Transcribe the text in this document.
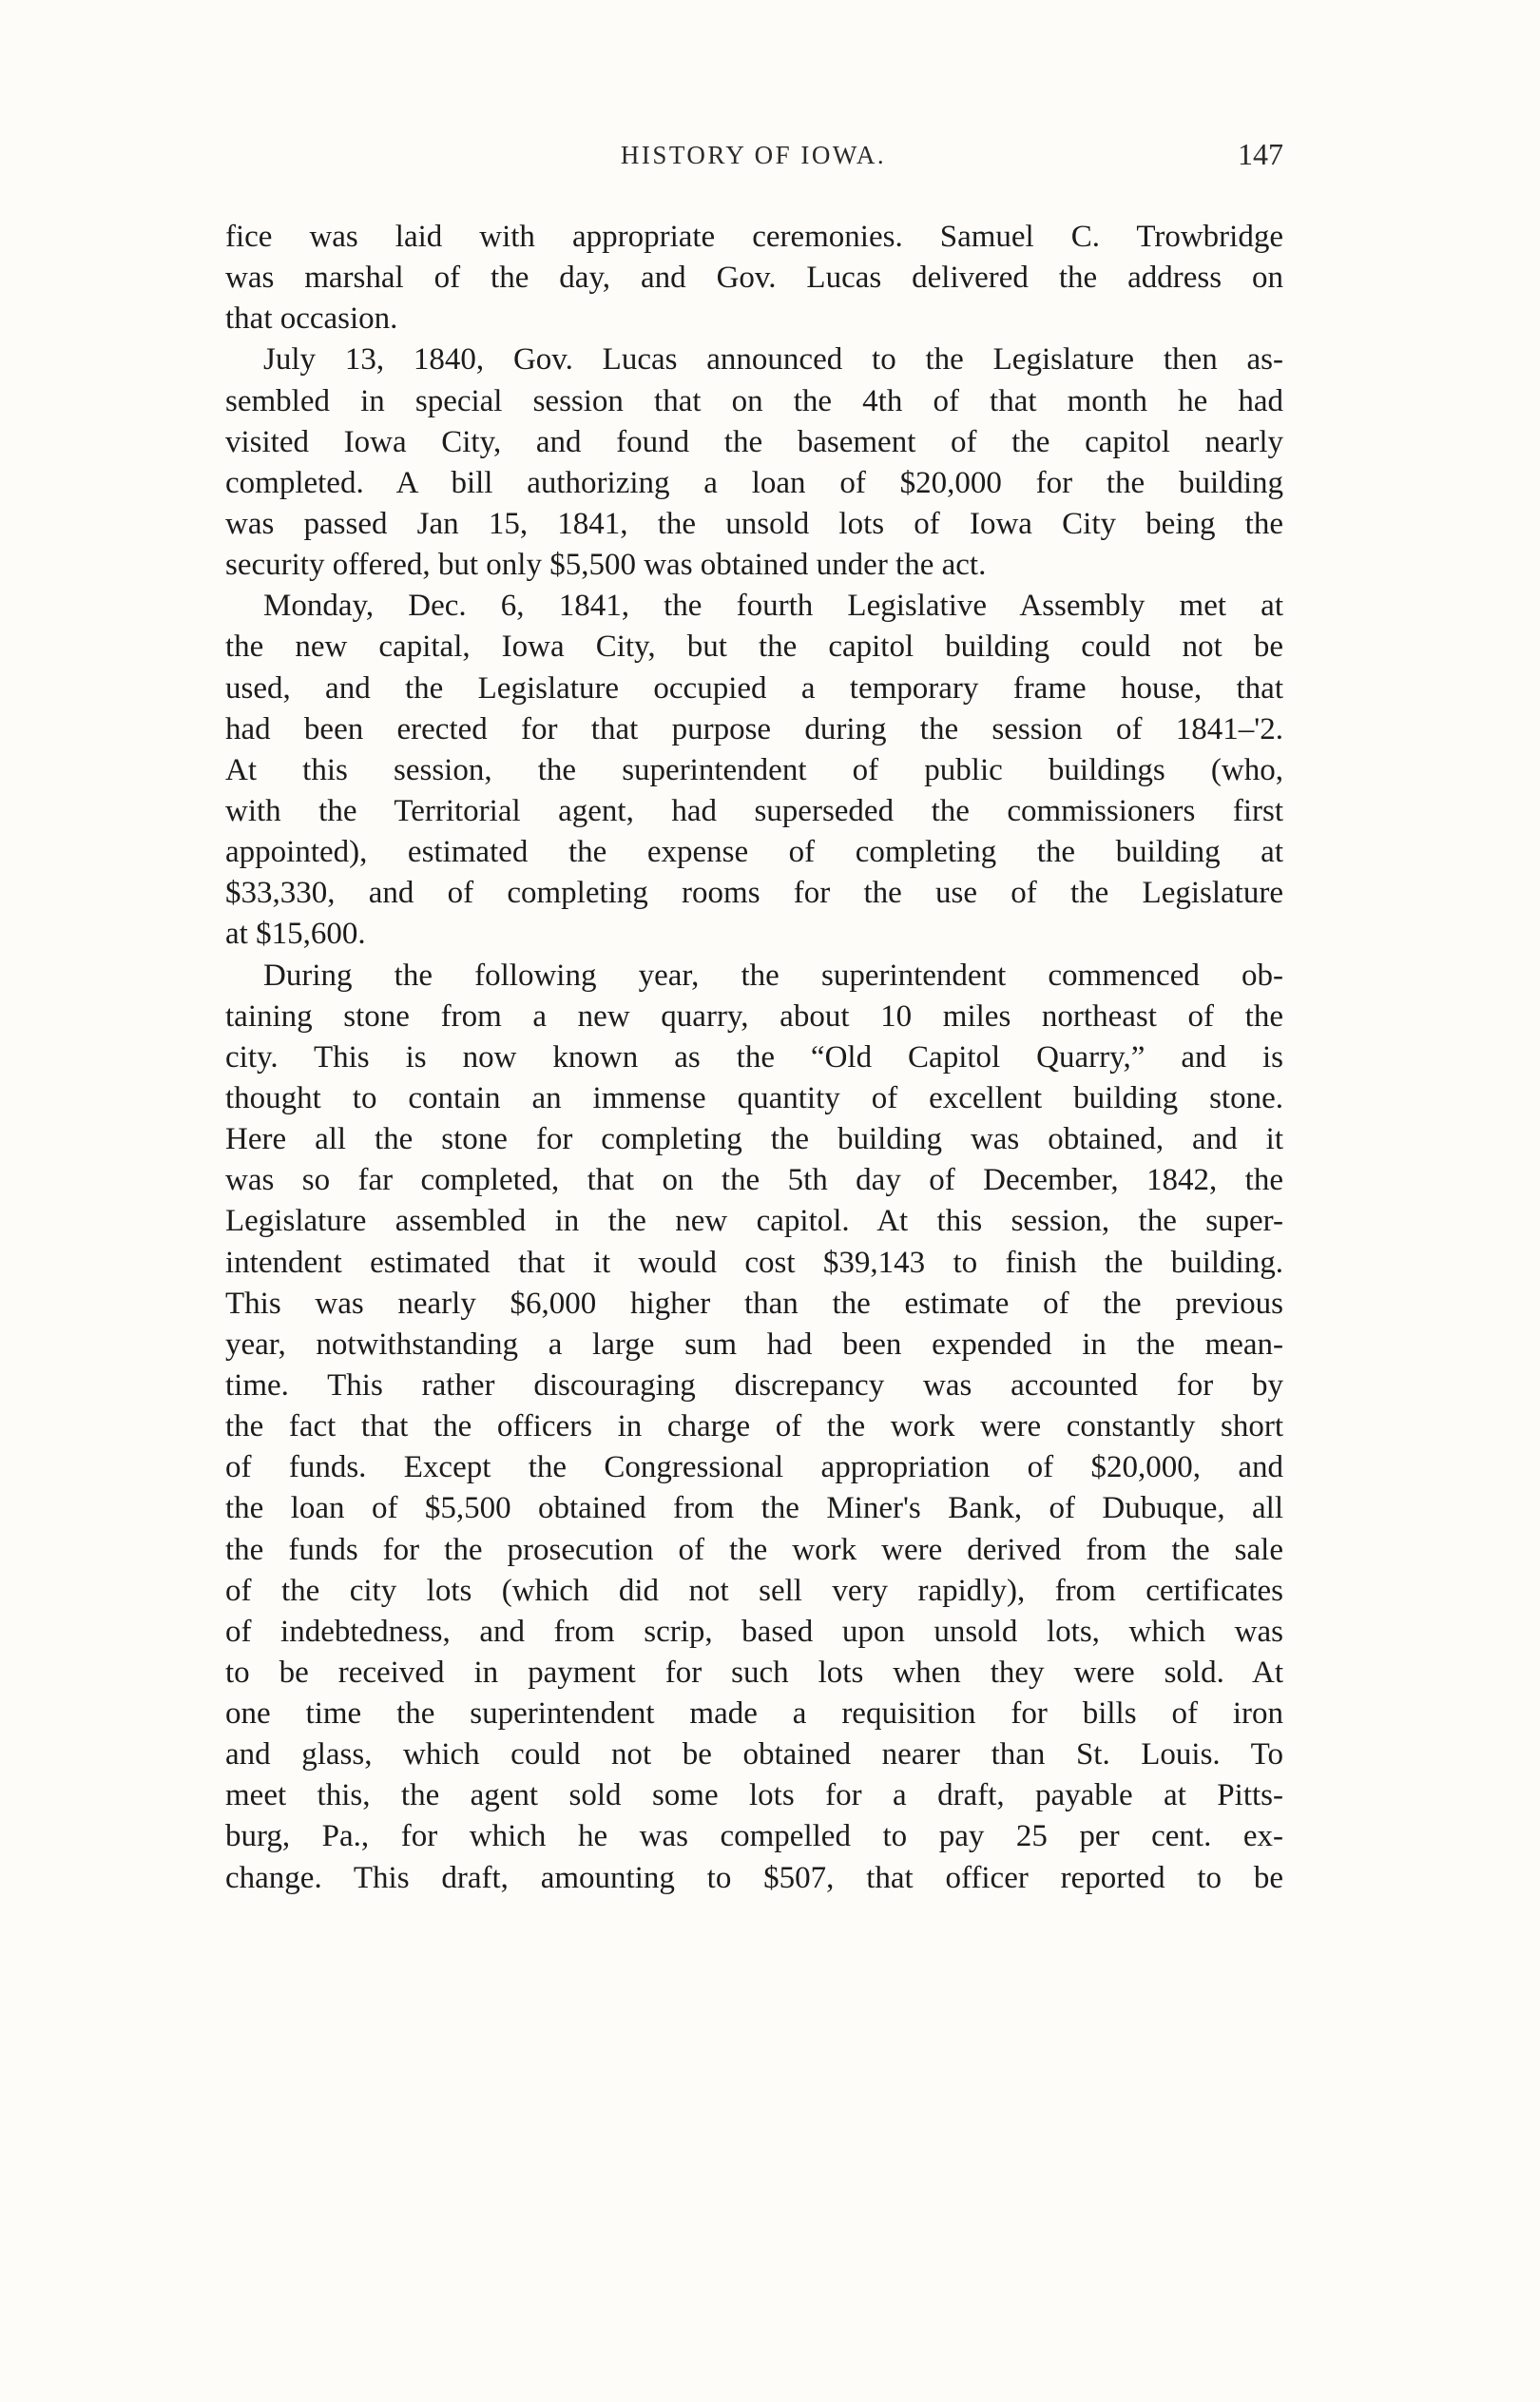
HISTORY OF IOWA.	147
fice was laid with appropriate ceremonies. Samuel C. Trowbridge
was marshal of the day, and Gov. Lucas delivered the address on
that occasion.
July 13, 1840, Gov. Lucas announced to the Legislature then as-
sembled in special session that on the 4th of that month he had
visited Iowa City, and found the basement of the capitol nearly
completed. A bill authorizing a loan of $20,000 for the building
was passed Jan 15, 1841, the unsold lots of Iowa City being the
security offered, but only $5,500 was obtained under the act.
Monday, Dec. 6, 1841, the fourth Legislative Assembly met at
the new capital, Iowa City, but the capitol building could not be
used, and the Legislature occupied a temporary frame house, that
had been erected for that purpose during the session of 1841–'2.
At this session, the superintendent of public buildings (who,
with the Territorial agent, had superseded the commissioners first
appointed), estimated the expense of completing the building at
$33,330, and of completing rooms for the use of the Legislature
at $15,600.
During the following year, the superintendent commenced ob-
taining stone from a new quarry, about 10 miles northeast of the
city. This is now known as the “Old Capitol Quarry,” and is
thought to contain an immense quantity of excellent building stone.
Here all the stone for completing the building was obtained, and it
was so far completed, that on the 5th day of December, 1842, the
Legislature assembled in the new capitol. At this session, the super-
intendent estimated that it would cost $39,143 to finish the building.
This was nearly $6,000 higher than the estimate of the previous
year, notwithstanding a large sum had been expended in the mean-
time. This rather discouraging discrepancy was accounted for by
the fact that the officers in charge of the work were constantly short
of funds. Except the Congressional appropriation of $20,000, and
the loan of $5,500 obtained from the Miner's Bank, of Dubuque, all
the funds for the prosecution of the work were derived from the sale
of the city lots (which did not sell very rapidly), from certificates
of indebtedness, and from scrip, based upon unsold lots, which was
to be received in payment for such lots when they were sold. At
one time the superintendent made a requisition for bills of iron
and glass, which could not be obtained nearer than St. Louis. To
meet this, the agent sold some lots for a draft, payable at Pitts-
burg, Pa., for which he was compelled to pay 25 per cent. ex-
change. This draft, amounting to $507, that officer reported to be
